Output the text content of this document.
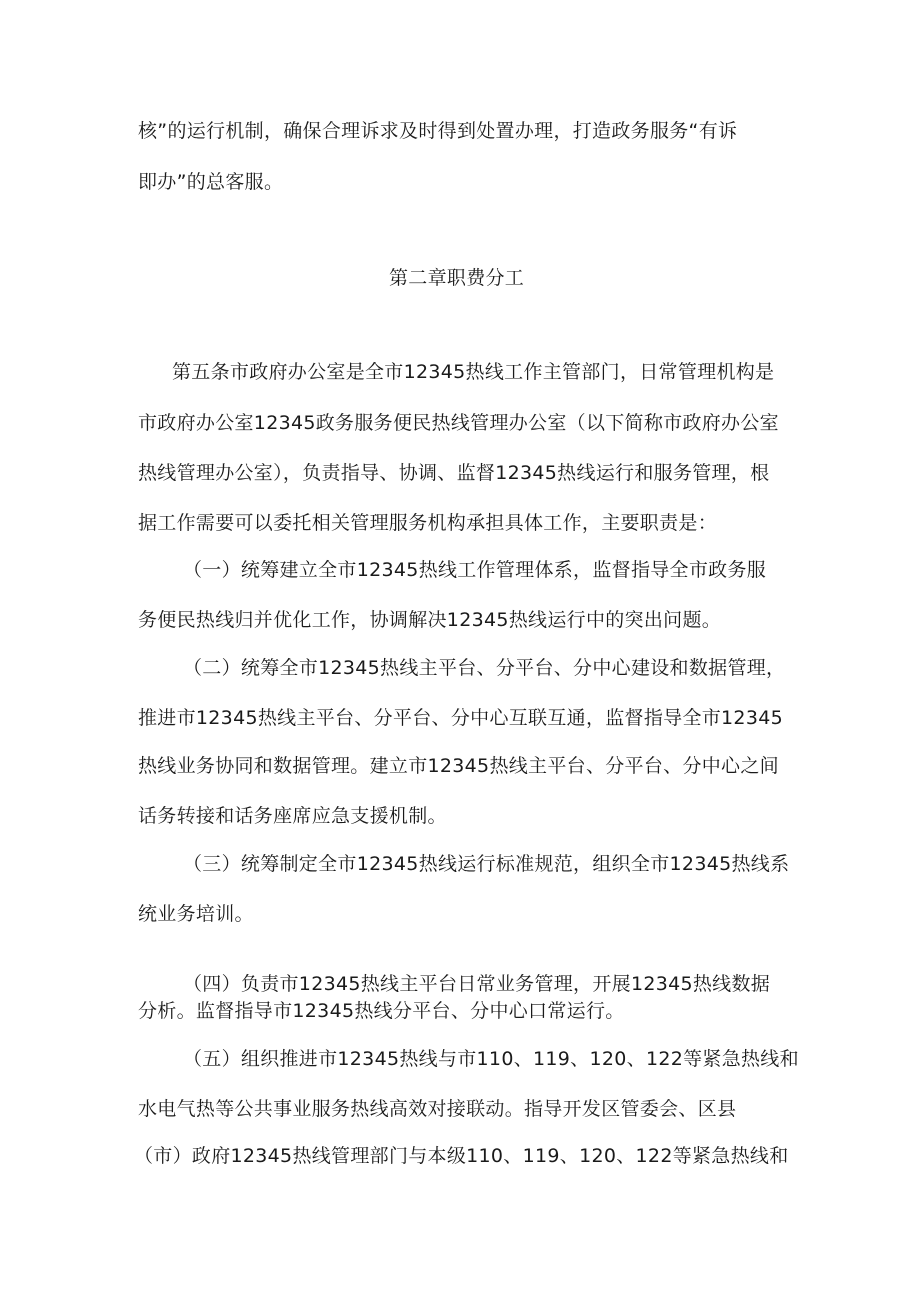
核”的运行机制，确保合理诉求及时得到处置办理，打造政务服务“有诉
即办”的总客服。
第二章职费分工
第五条市政府办公室是全市12345热线工作主管部门，日常管理机构是
市政府办公室12345政务服务便民热线管理办公室（以下简称市政府办公室
热线管理办公室），负责指导、协调、监督12345热线运行和服务管理，根
据工作需要可以委托相关管理服务机构承担具体工作，主要职责是：
（一）统筹建立全市12345热线工作管理体系，监督指导全市政务服
务便民热线归并优化工作，协调解决12345热线运行中的突出问题。
（二）统筹全市12345热线主平台、分平台、分中心建设和数据管理，
推进市12345热线主平台、分平台、分中心互联互通，监督指导全市12345
热线业务协同和数据管理。建立市12345热线主平台、分平台、分中心之间
话务转接和话务座席应急支援机制。
（三）统筹制定全市12345热线运行标准规范，组织全市12345热线系
统业务培训。
（四）负责市12345热线主平台日常业务管理，开展12345热线数据
分析。监督指导市12345热线分平台、分中心口常运行。
（五）组织推进市12345热线与市110、119、120、122等紧急热线和
水电气热等公共事业服务热线高效对接联动。指导开发区管委会、区县
（市）政府12345热线管理部门与本级110、119、120、122等紧急热线和
